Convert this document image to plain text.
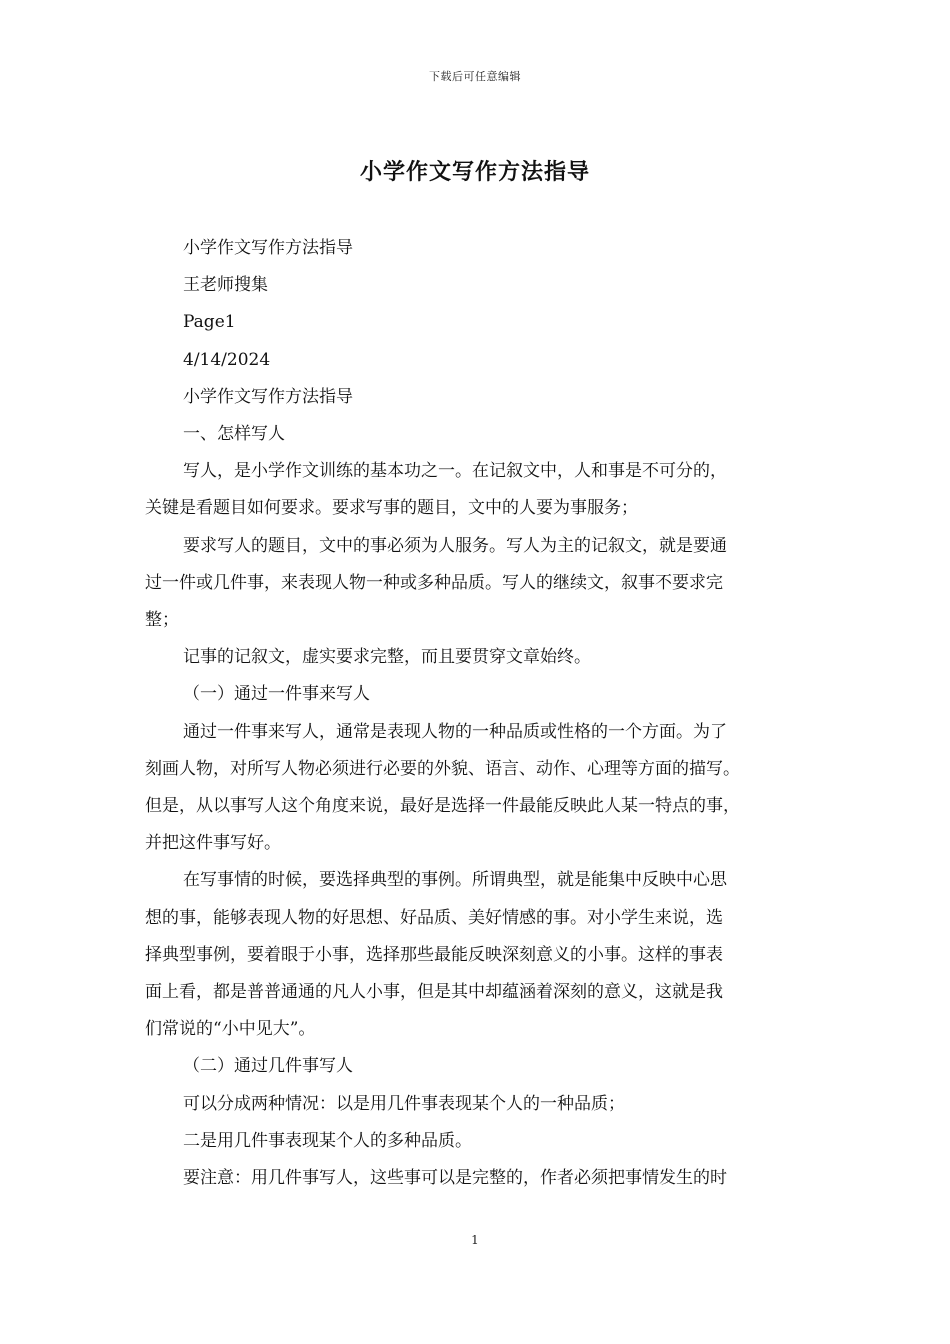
下载后可任意编辑
小学作文写作方法指导
小学作文写作方法指导
王老师搜集
Page1
4/14/2024
小学作文写作方法指导
一、怎样写人
写人，是小学作文训练的基本功之一。在记叙文中，人和事是不可分的，
关键是看题目如何要求。要求写事的题目，文中的人要为事服务；
要求写人的题目，文中的事必须为人服务。写人为主的记叙文，就是要通
过一件或几件事，来表现人物一种或多种品质。写人的继续文，叙事不要求完
整；
记事的记叙文，虚实要求完整，而且要贯穿文章始终。
（一）通过一件事来写人
通过一件事来写人，通常是表现人物的一种品质或性格的一个方面。为了
刻画人物，对所写人物必须进行必要的外貌、语言、动作、心理等方面的描写。
但是，从以事写人这个角度来说，最好是选择一件最能反映此人某一特点的事，
并把这件事写好。
在写事情的时候，要选择典型的事例。所谓典型，就是能集中反映中心思
想的事，能够表现人物的好思想、好品质、美好情感的事。对小学生来说，选
择典型事例，要着眼于小事，选择那些最能反映深刻意义的小事。这样的事表
面上看，都是普普通通的凡人小事，但是其中却蕴涵着深刻的意义，这就是我
们常说的“小中见大”。
（二）通过几件事写人
可以分成两种情况：以是用几件事表现某个人的一种品质；
二是用几件事表现某个人的多种品质。
要注意：用几件事写人，这些事可以是完整的，作者必须把事情发生的时
1
